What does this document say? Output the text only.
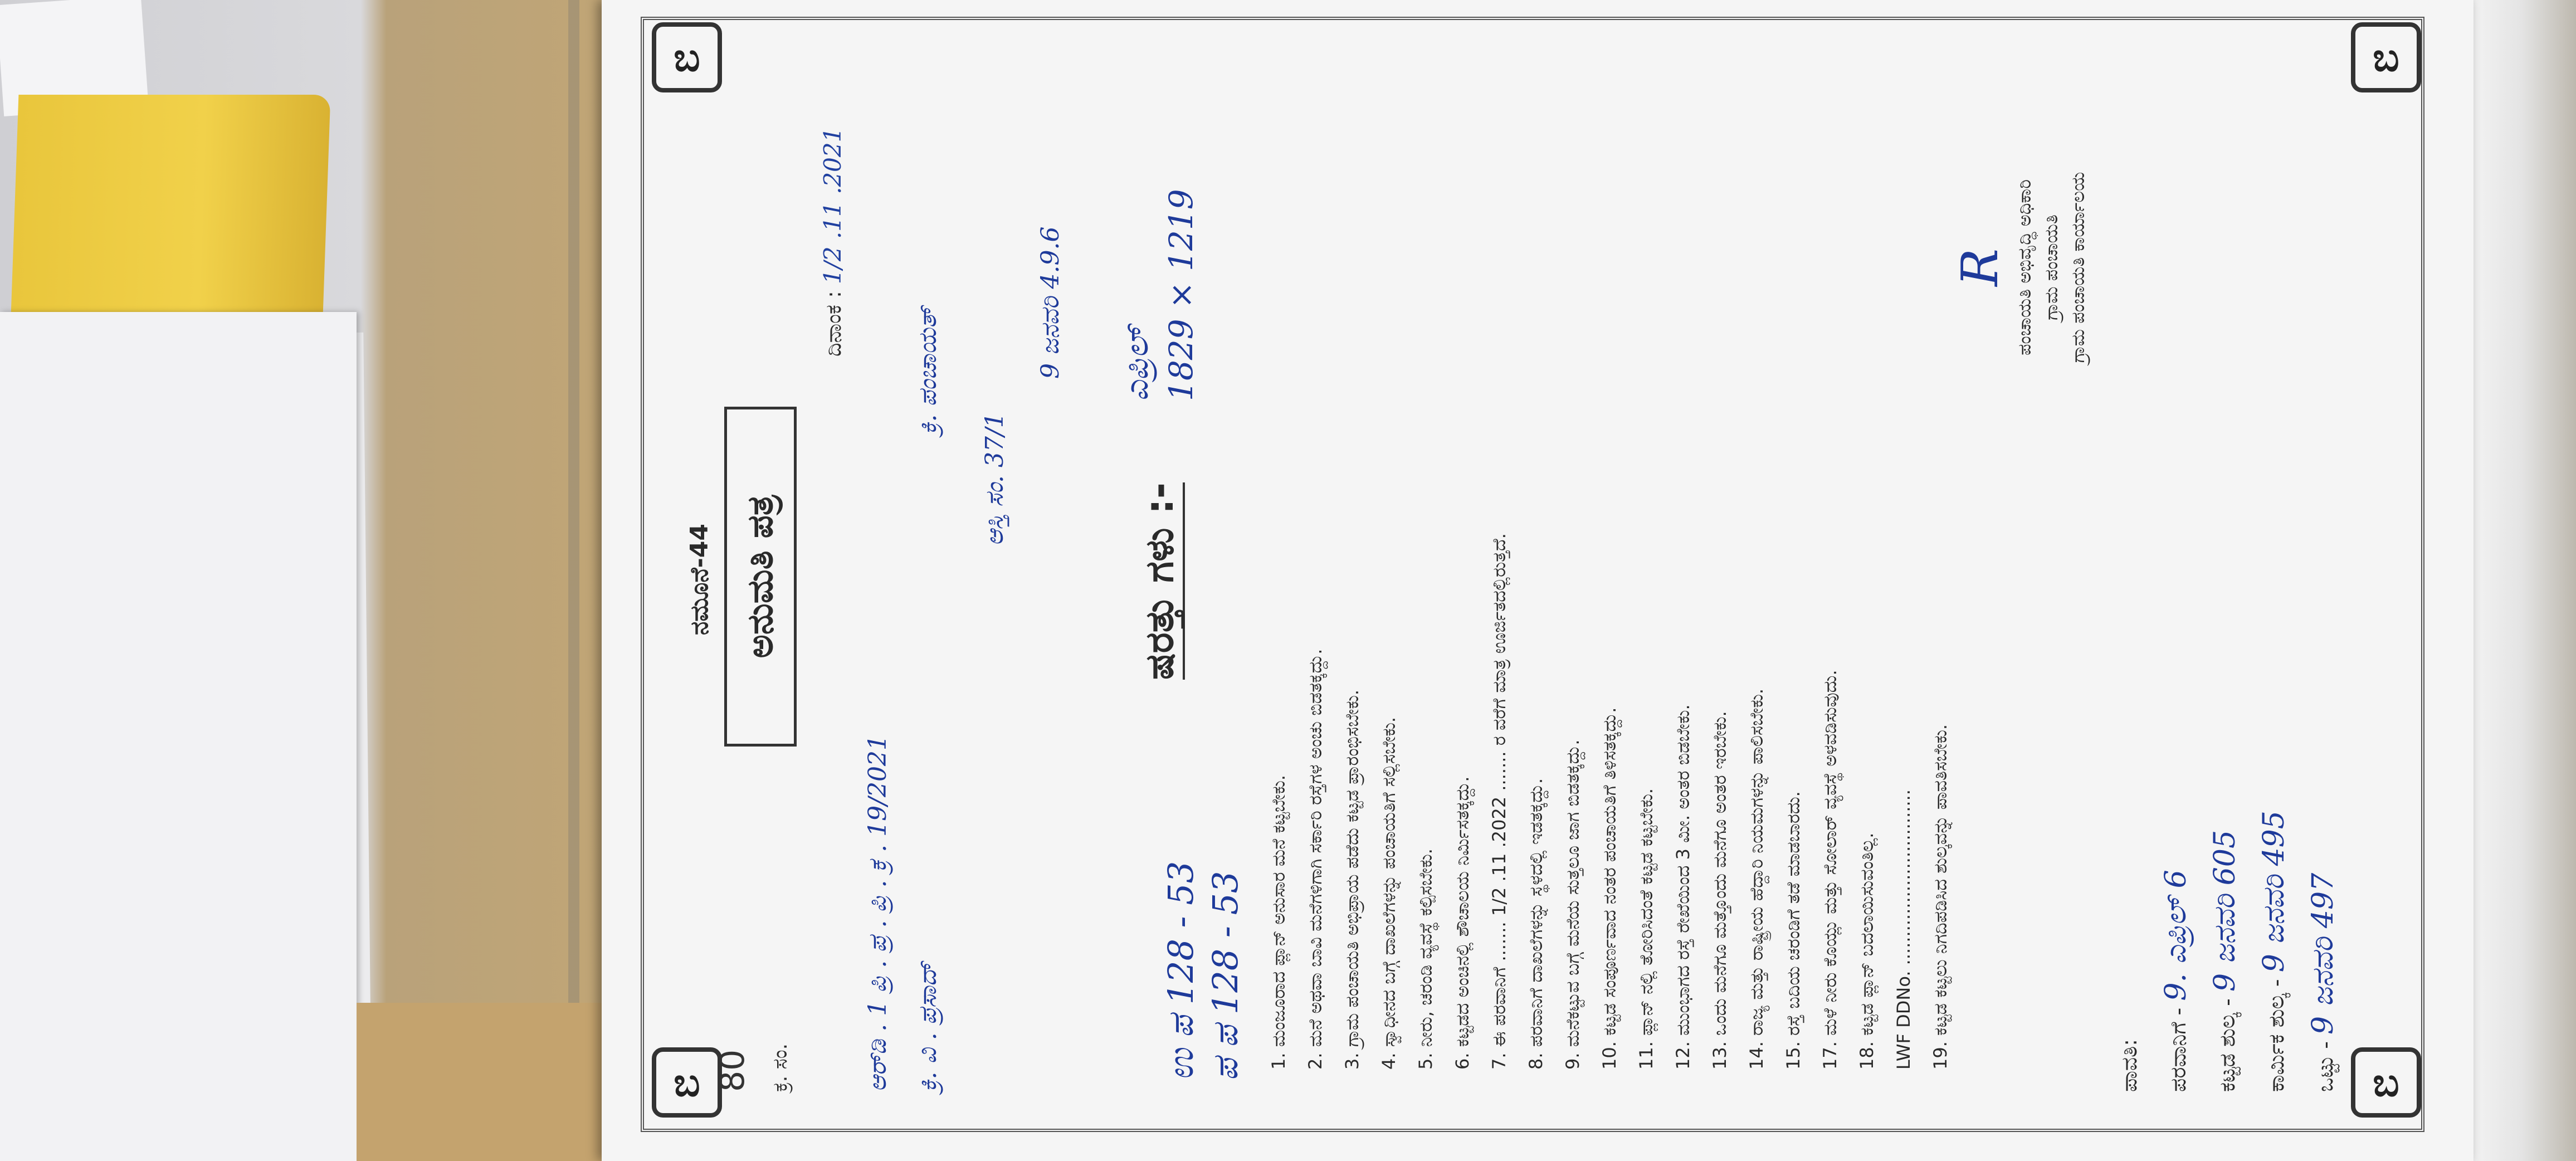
ಬ
ಬ
ಬ
ಬ
ನಮೂನೆ-44
80 ಕ್ರ. ಸಂ.
ಅನುಮತಿ ಪತ್ರ
ದಿನಾಂಕ : 1/2 .11 .2021
ಆರ್‌ಡಿ . 1 ಪ್ರಿ . ಪ್ರ . ಪ್ರಿ . ಕ್ರ . 19/2021 ಕ್ರಿ. ವಿ . ಪ್ರಸಾದ್
ಕ್ರಿ. ಪಂಚಾಯತ್
ಆಸ್ತಿ ಸಂ. 37/1
9 ಜನವರಿ 4.9.6
ಷರತ್ತು ಗಳು :-
ಉ ಪ 128 - 53 ಪ ಪ 128 - 53
ಎಪ್ರಿಲ್ 1829 × 1219
1. ಮಂಜೂರಾದ ಪ್ಲಾನ್ ಅನುಸಾರ ಮನೆ ಕಟ್ಟಬೇಕು. 2. ಮನೆ ಅಥವಾ ಬಾವಿ ಮನೆಗಳಿಗಾಗಿ ಸರ್ಕಾರಿ ರಸ್ತೆಗಳ ಅಂಚು ಬಿಡತಕ್ಕದ್ದು. 3. ಗ್ರಾಮ ಪಂಚಾಯತಿ ಅಭಿಪ್ರಾಯ ಪಡೆದು ಕಟ್ಟಡ ಪ್ರಾರಂಭಿಸಬೇಕು. 4. ಸ್ವಾಧೀನದ ಬಗ್ಗೆ ದಾಖಲೆಗಳನ್ನು ಪಂಚಾಯತಿಗೆ ಸಲ್ಲಿಸಬೇಕು. 5. ನೀರು, ಚರಂಡಿ ವ್ಯವಸ್ಥೆ ಕಲ್ಪಿಸಬೇಕು. 6. ಕಟ್ಟಡದ ಅಂಚಿನಲ್ಲಿ ಶೌಚಾಲಯ ನಿರ್ಮಿಸತಕ್ಕದ್ದು. 7. ಈ ಪರವಾನಿಗೆ ....... 1/2 .11 .2022 ....... ರ ವರೆಗೆ ಮಾತ್ರ ಊರ್ಜಿತದಲ್ಲಿರುತ್ತದೆ. 8. ಪರವಾನಿಗೆ ದಾಖಲೆಗಳನ್ನು ಸ್ಥಳದಲ್ಲಿ ಇಡತಕ್ಕದ್ದು. 9. ಮನೆಕಟ್ಟುವ ಬಗ್ಗೆ ಮನೆಯ ಸುತ್ತಲೂ ಜಾಗ ಬಿಡತಕ್ಕದ್ದು. 10. ಕಟ್ಟಡ ಸಂಪೂರ್ಣವಾದ ನಂತರ ಪಂಚಾಯತಿಗೆ ತಿಳಿಸತಕ್ಕದ್ದು. 11. ಪ್ಲಾನ್ ನಲ್ಲಿ ತೋರಿಸಿದಂತೆ ಕಟ್ಟಡ ಕಟ್ಟಬೇಕು. 12. ಮುಂಭಾಗದ ರಸ್ತೆ ರೇಖೆಯಿಂದ 3 ಮೀ. ಅಂತರ ಬಿಡಬೇಕು. 13. ಒಂದು ಮನೆಗೂ ಮತ್ತೊಂದು ಮನೆಗೂ ಅಂತರ ಇರಬೇಕು. 14. ರಾಜ್ಯ ಮತ್ತು ರಾಷ್ಟ್ರೀಯ ಹೆದ್ದಾರಿ ನಿಯಮಗಳನ್ನು ಪಾಲಿಸಬೇಕು. 15. ರಸ್ತೆ ಬದಿಯ ಚರಂಡಿಗೆ ತಡೆ ಮಾಡಬಾರದು. 17. ಮಳೆ ನೀರು ಕೊಯ್ಲು ಮತ್ತು ಸೋಲಾರ್ ವ್ಯವಸ್ಥೆ ಅಳವಡಿಸುವುದು. 18. ಕಟ್ಟಡ ಪ್ಲಾನ್ ಬದಲಾಯಿಸುವಂತಿಲ್ಲ. LWF DDNo. ............................... 19. ಕಟ್ಟಡ ಕಟ್ಟಲು ನಿಗದಿಪಡಿಸಿದ ಶುಲ್ಕವನ್ನು ಪಾವತಿಸಬೇಕು.
R ಪಂಚಾಯತಿ ಅಭಿವೃದ್ಧಿ ಅಧಿಕಾರಿ ಗ್ರಾಮ ಪಂಚಾಯತಿ ಗ್ರಾಮ ಪಂಚಾಯತಿ ಕಾರ್ಯಾಲಯ
ಪಾವತಿ:	ಪರವಾನಿಗೆ - 9. ಎಪ್ರಿಲ್ 6
ಕಟ್ಟಡ ಶುಲ್ಕ - 9 ಜನವರಿ 605
ಕಾರ್ಮಿಕ ಶುಲ್ಕ - 9 ಜನವರಿ 495
ಒಟ್ಟು - 9 ಜನವರಿ 497
